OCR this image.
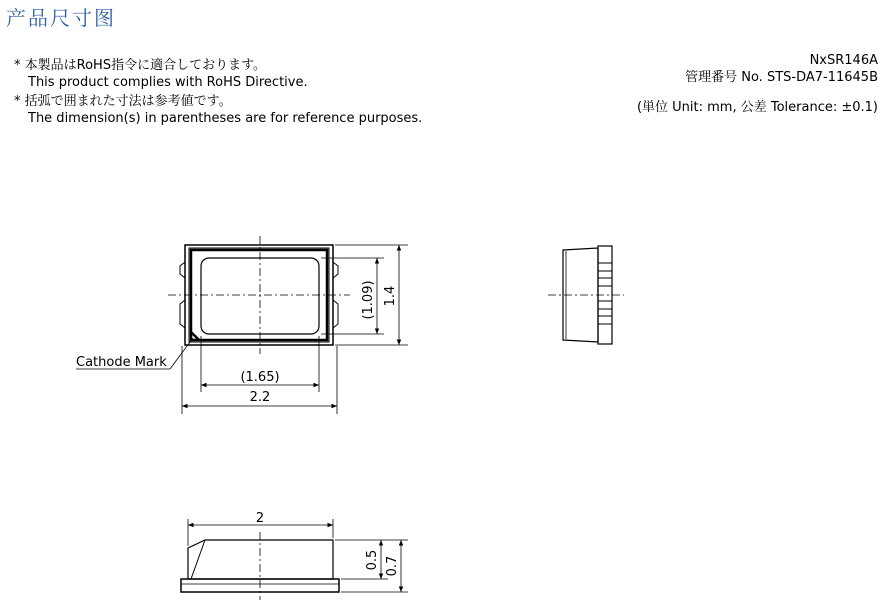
产品尺寸图
* 本製品はRoHS指令に適合しております。
This product complies with RoHS Directive.
* 括弧で囲まれた寸法は参考値です。
The dimension(s) in parentheses are for reference purposes.
NxSR146A
管理番号 No. STS-DA7-11645B
(単位 Unit: mm, 公差 Tolerance: ±0.1)
(1.09) 1.4
(1.65)
2.2
Cathode Mark
2
0.5 0.7
